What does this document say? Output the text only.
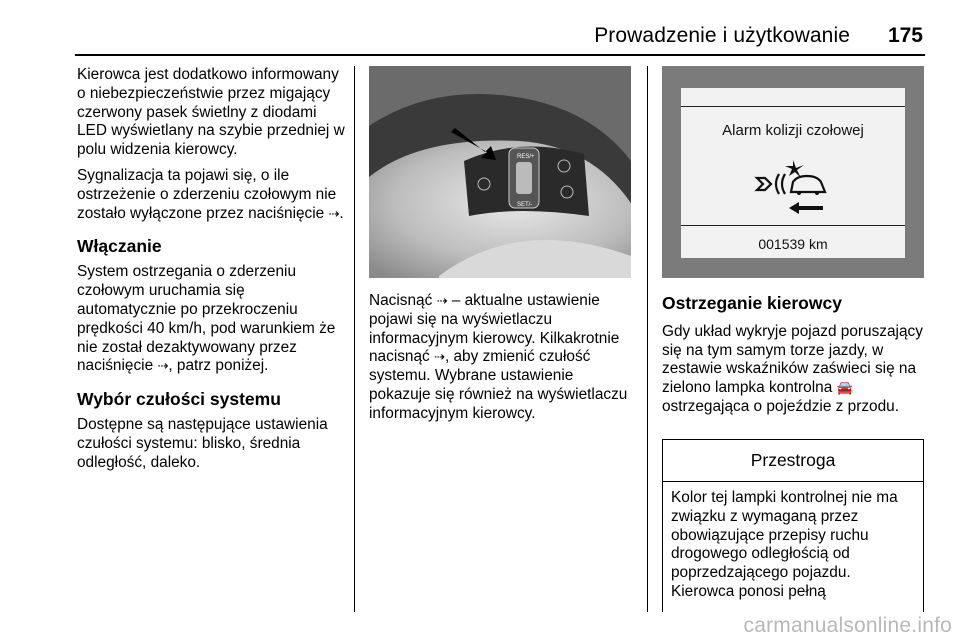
Prowadzenie i użytkowanie 175

Kierowca jest dodatkowo informowany o niebezpieczeństwie przez migający czerwony pasek świetlny z diodami LED wyświetlany na szybie przedniej w polu widzenia kierowcy.

Sygnalizacja ta pojawi się, o ile ostrzeżenie o zderzeniu czołowym nie zostało wyłączone przez naciśnięcie ⇢.

Włączanie

System ostrzegania o zderzeniu czołowym uruchamia się automatycznie po przekroczeniu prędkości 40 km/h, pod warunkiem że nie został dezaktywowany przez naciśnięcie ⇢, patrz poniżej.

Wybór czułości systemu

Dostępne są następujące ustawienia czułości systemu: blisko, średnia odległość, daleko.

RES/+
SET/-

Nacisnąć ⇢ – aktualne ustawienie pojawi się na wyświetlaczu informacyjnym kierowcy. Kilkakrotnie nacisnąć ⇢, aby zmienić czułość systemu. Wybrane ustawienie pokazuje się również na wyświetlaczu informacyjnym kierowcy.

Alarm kolizji czołowej
001539 km
Ostrzeganie kierowcy

Gdy układ wykryje pojazd poruszający się na tym samym torze jazdy, w zestawie wskaźników zaświeci się na zielono lampka kontrolna 🚘 ostrzegająca o pojeździe z przodu.

Przestroga
Kolor tej lampki kontrolnej nie ma związku z wymaganą przez obowiązujące przepisy ruchu drogowego odległością od poprzedzającego pojazdu. Kierowca ponosi pełną
carmanualsonline.info
